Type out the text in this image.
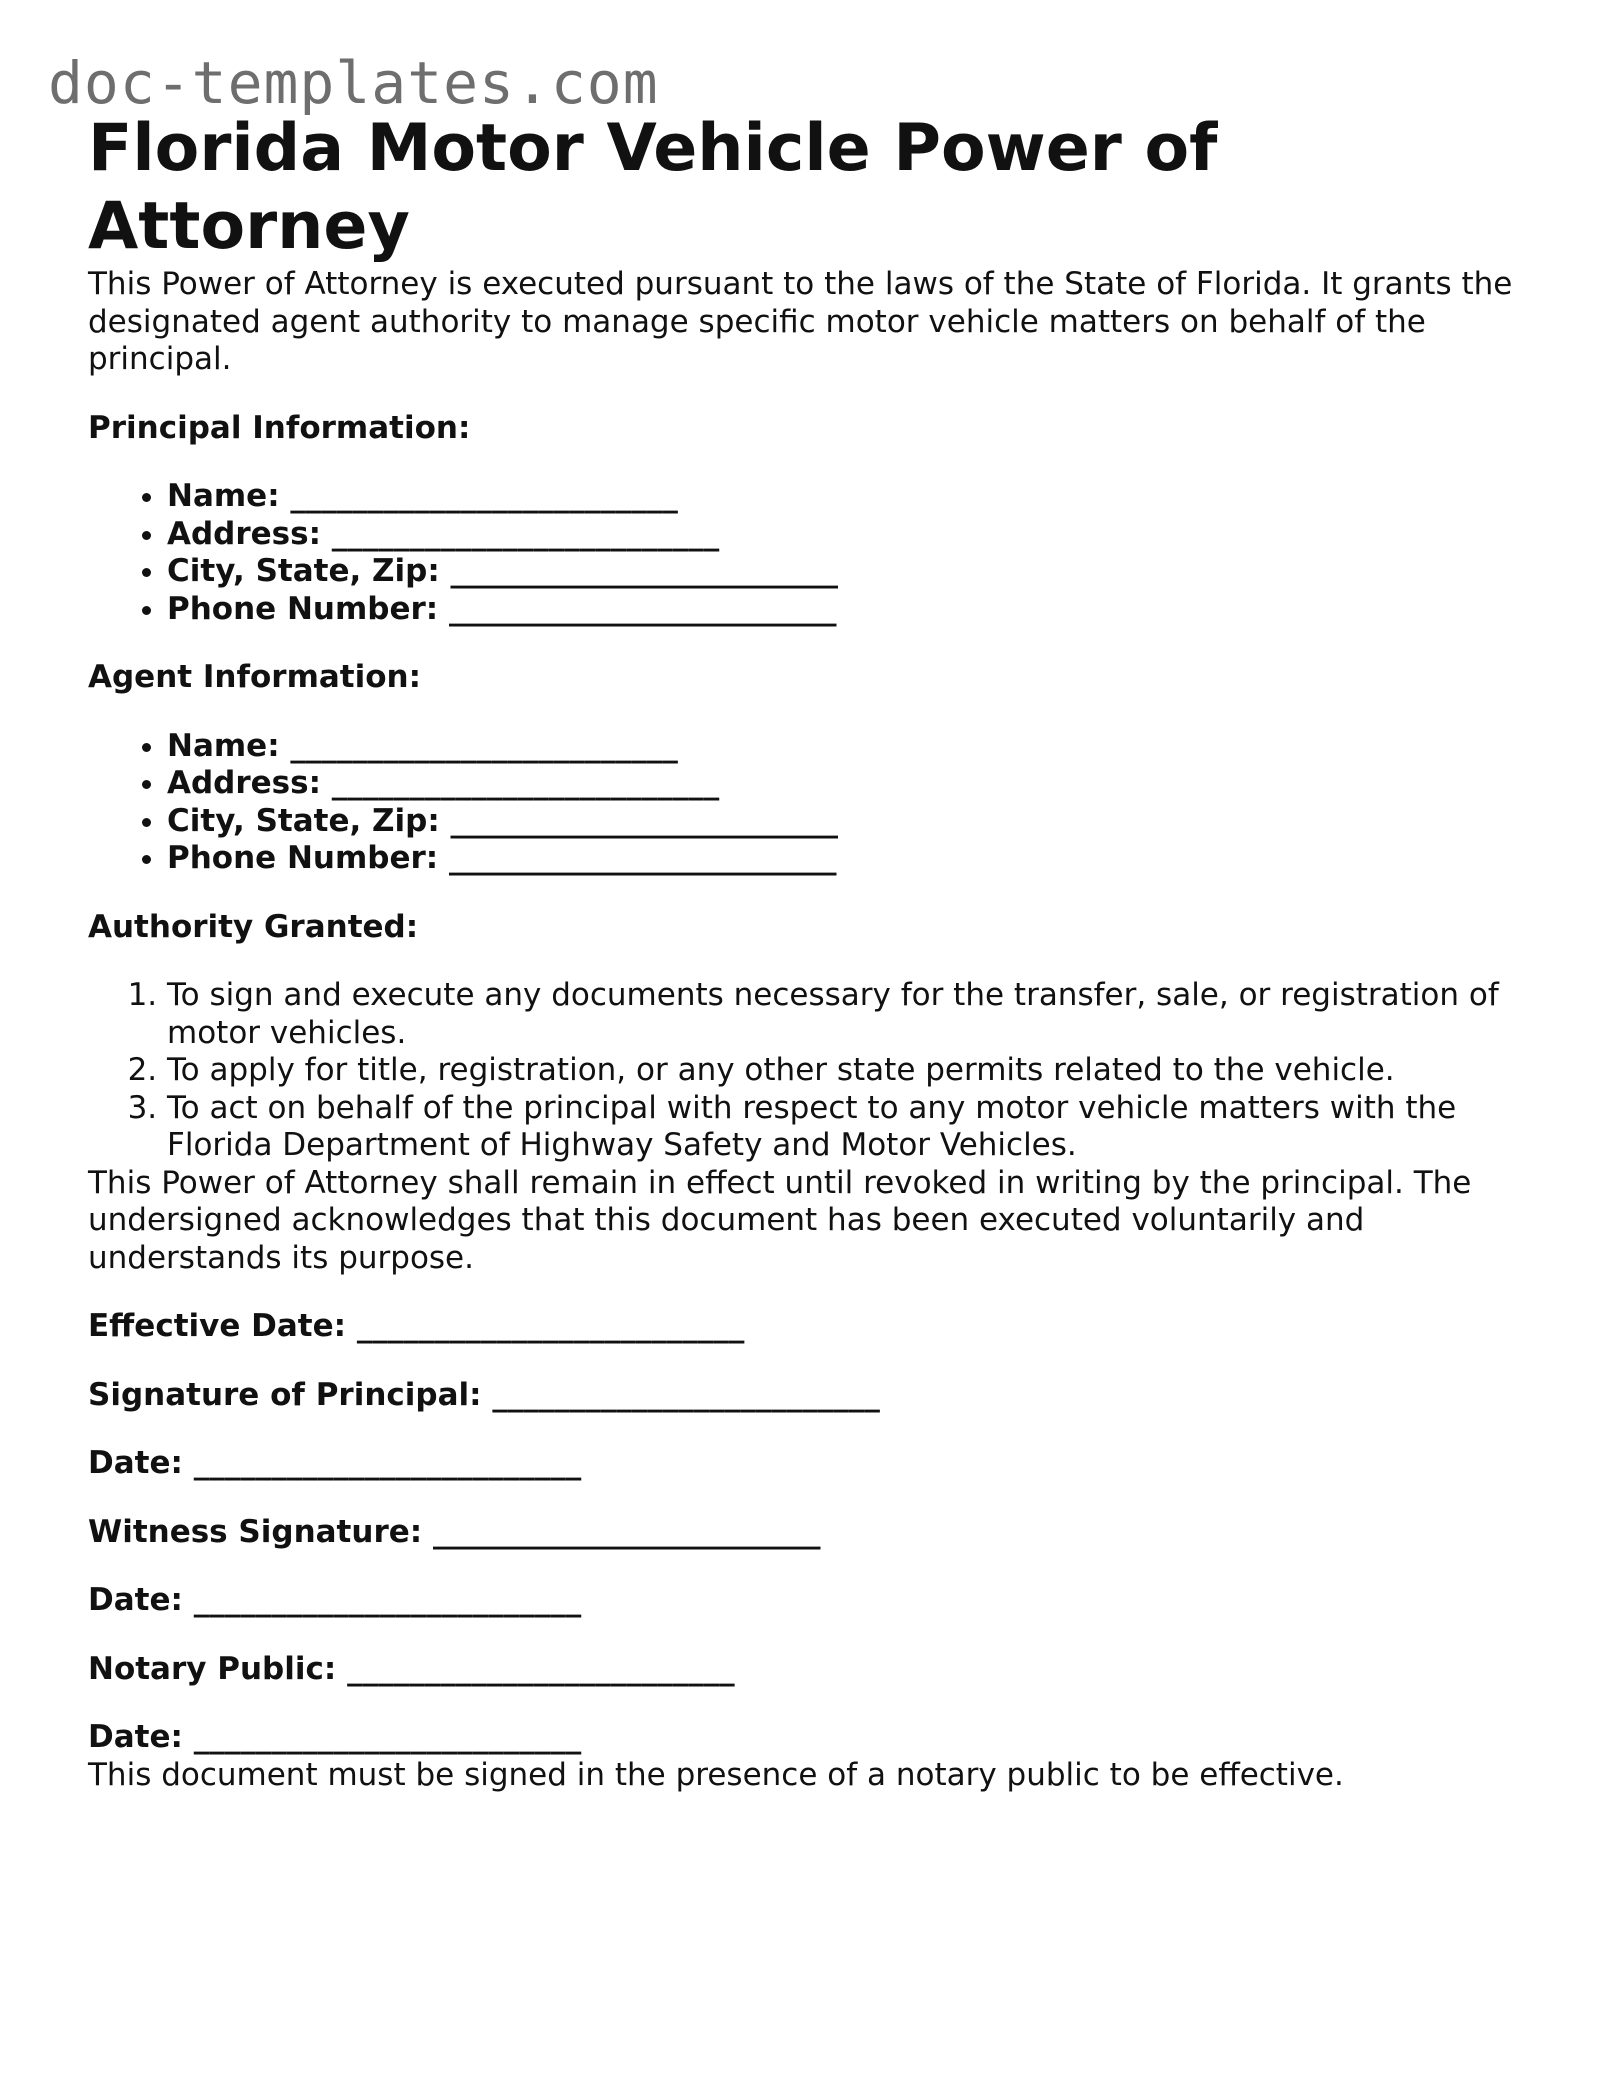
doc-templates.com
Florida Motor Vehicle Power of Attorney

This Power of Attorney is executed pursuant to the laws of the State of Florida. It grants the designated agent authority to manage specific motor vehicle matters on behalf of the principal.

Principal Information:

• Name: _________________________
• Address: _________________________
• City, State, Zip: _________________________
• Phone Number: _________________________

Agent Information:

• Name: _________________________
• Address: _________________________
• City, State, Zip: _________________________
• Phone Number: _________________________

Authority Granted:

1. To sign and execute any documents necessary for the transfer, sale, or registration of motor vehicles.
2. To apply for title, registration, or any other state permits related to the vehicle.
3. To act on behalf of the principal with respect to any motor vehicle matters with the Florida Department of Highway Safety and Motor Vehicles.

This Power of Attorney shall remain in effect until revoked in writing by the principal. The undersigned acknowledges that this document has been executed voluntarily and understands its purpose.

Effective Date: _________________________

Signature of Principal: _________________________

Date: _________________________

Witness Signature: _________________________

Date: _________________________

Notary Public: _________________________

Date: _________________________

This document must be signed in the presence of a notary public to be effective.
